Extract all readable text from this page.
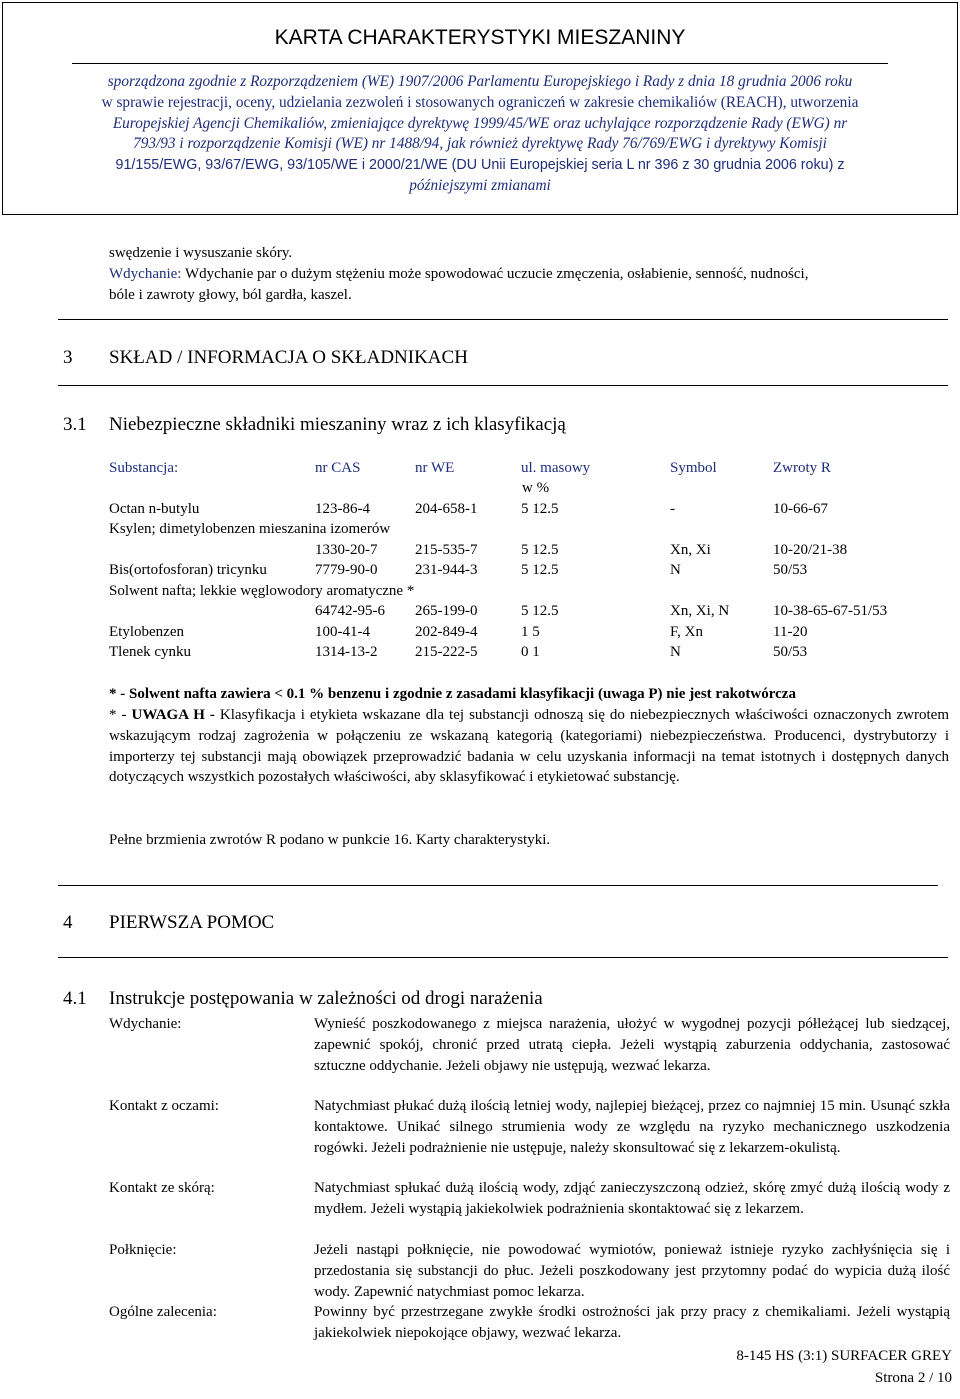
KARTA CHARAKTERYSTYKI MIESZANINY
sporządzona zgodnie z Rozporządzeniem (WE) 1907/2006 Parlamentu Europejskiego i Rady z dnia 18 grudnia 2006 roku
w sprawie rejestracji, oceny, udzielania zezwoleń i stosowanych ograniczeń w zakresie chemikaliów (REACH), utworzenia
Europejskiej Agencji Chemikaliów, zmieniające dyrektywę 1999/45/WE oraz uchylające rozporządzenie Rady (EWG) nr
793/93 i rozporządzenie Komisji (WE) nr 1488/94, jak również dyrektywę Rady 76/769/EWG i dyrektywy Komisji
91/155/EWG, 93/67/EWG, 93/105/WE i 2000/21/WE (DU Unii Europejskiej seria L nr 396 z 30 grudnia 2006 roku) z
późniejszymi zmianami
swędzenie i wysuszanie skóry.
Wdychanie: Wdychanie par o dużym stężeniu może spowodować uczucie zmęczenia, osłabienie, senność, nudności,
bóle i zawroty głowy, ból gardła, kaszel.
3 SKŁAD / INFORMACJA O SKŁADNIKACH
3.1 Niebezpieczne składniki mieszaniny wraz z ich klasyfikacją
Substancja:	nr CAS	nr WE	ul. masowy	Symbol	Zwroty R
w %
Octan n-butylu	123-86-4	204-658-1	5 12.5	-	10-66-67
Ksylen; dimetylobenzen mieszanina izomerów
1330-20-7	215-535-7	5 12.5	Xn, Xi	10-20/21-38
Bis(ortofosforan) tricynku	7779-90-0	231-944-3	5 12.5	N	50/53
Solwent nafta; lekkie węglowodory aromatyczne *
64742-95-6 265-199-0	5 12.5	Xn, Xi, N	10-38-65-67-51/53
Etylobenzen	100-41-4	202-849-4	1 5	F, Xn	11-20
Tlenek cynku	1314-13-2	215-222-5	0 1	N	50/53
* - Solwent nafta zawiera < 0.1 % benzenu i zgodnie z zasadami klasyfikacji (uwaga P) nie jest rakotwórcza
* - UWAGA H - Klasyfikacja i etykieta wskazane dla tej substancji odnoszą się do niebezpiecznych właściwości oznaczonych zwrotem wskazującym rodzaj zagrożenia w połączeniu ze wskazaną kategorią (kategoriami) niebezpieczeństwa. Producenci, dystrybutorzy i importerzy tej substancji mają obowiązek przeprowadzić badania w celu uzyskania informacji na temat istotnych i dostępnych danych dotyczących wszystkich pozostałych właściwości, aby sklasyfikować i etykietować substancję.
Pełne brzmienia zwrotów R podano w punkcie 16. Karty charakterystyki.
4 PIERWSZA POMOC
4.1 Instrukcje postępowania w zależności od drogi narażenia
Wdychanie:	Wynieść poszkodowanego z miejsca narażenia, ułożyć w wygodnej pozycji półleżącej lub siedzącej, zapewnić spokój, chronić przed utratą ciepła. Jeżeli wystąpią zaburzenia oddychania, zastosować sztuczne oddychanie. Jeżeli objawy nie ustępują, wezwać lekarza.
Kontakt z oczami:	Natychmiast płukać dużą ilością letniej wody, najlepiej bieżącej, przez co najmniej 15 min. Usunąć szkła kontaktowe. Unikać silnego strumienia wody ze względu na ryzyko mechanicznego uszkodzenia rogówki. Jeżeli podrażnienie nie ustępuje, należy skonsultować się z lekarzem-okulistą.
Kontakt ze skórą:	Natychmiast spłukać dużą ilością wody, zdjąć zanieczyszczoną odzież, skórę zmyć dużą ilością wody z mydłem. Jeżeli wystąpią jakiekolwiek podrażnienia skontaktować się z lekarzem.
Połknięcie:	Jeżeli nastąpi połknięcie, nie powodować wymiotów, ponieważ istnieje ryzyko zachłyśnięcia się i przedostania się substancji do płuc. Jeżeli poszkodowany jest przytomny podać do wypicia dużą ilość wody. Zapewnić natychmiast pomoc lekarza.
Ogólne zalecenia:	Powinny być przestrzegane zwykłe środki ostrożności jak przy pracy z chemikaliami. Jeżeli wystąpią jakiekolwiek niepokojące objawy, wezwać lekarza.
8-145 HS (3:1) SURFACER GREY
Strona 2 / 10
